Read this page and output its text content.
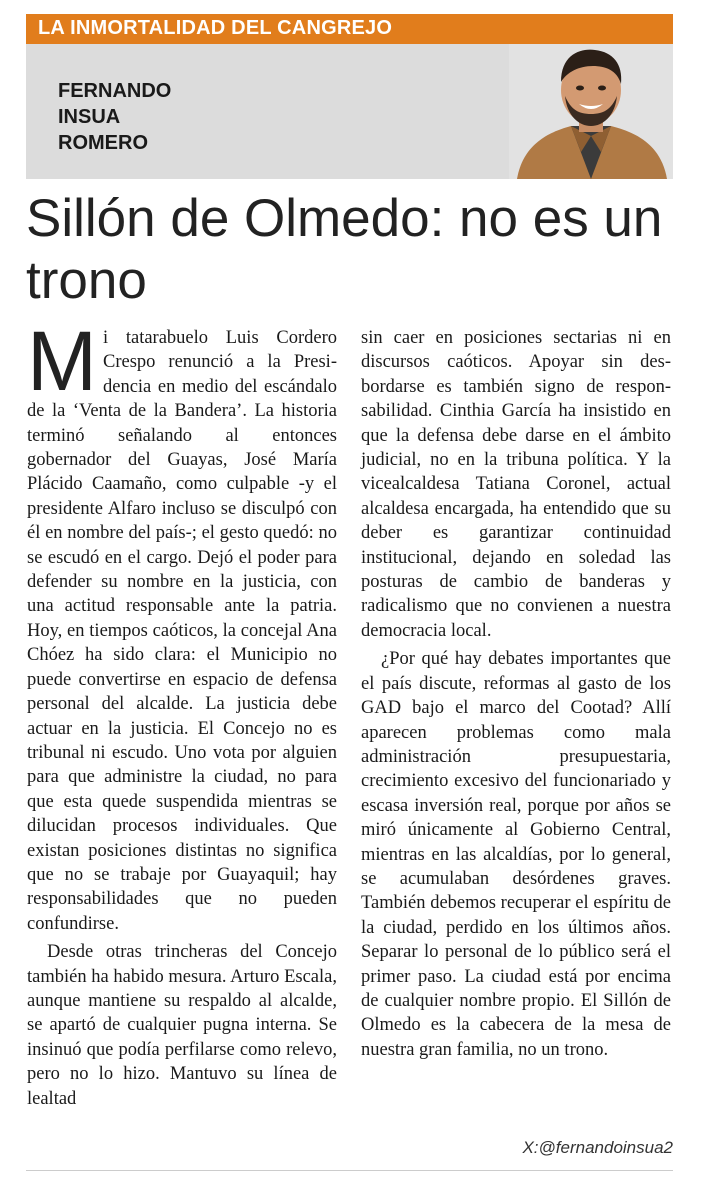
LA INMORTALIDAD DEL CANGREJO
FERNANDO
INSUA
ROMERO
Sillón de Olmedo: no es un trono

Mi tatarabuelo Luis Cordero Crespo renunció a la Presidencia en medio del escándalo de la ‘Venta de la Bandera’. La historia terminó señalando al entonces gobernador del Guayas, José María Plácido Caamaño, como culpable -y el presidente Alfaro incluso se disculpó con él en nombre del país-; el gesto quedó: no se escudó en el cargo. Dejó el poder para defender su nombre en la justicia, con una actitud responsable ante la patria. Hoy, en tiempos caóticos, la concejal Ana Chóez ha sido clara: el Municipio no puede convertirse en espacio de defensa personal del alcalde. La justicia debe actuar en la justicia. El Concejo no es tribunal ni escudo. Uno vota por alguien para que administre la ciudad, no para que esta quede suspendida mientras se dilucidan procesos individuales. Que existan posiciones distintas no significa que no se trabaje por Guayaquil; hay responsabilidades que no pueden confundirse.

Desde otras trincheras del Concejo también ha habido mesura. Arturo Escala, aunque mantiene su respaldo al alcalde, se apartó de cualquier pugna interna. Se insinuó que podía perfilarse como relevo, pero no lo hizo. Mantuvo su línea de lealtad

sin caer en posiciones sectarias ni en discursos caóticos. Apoyar sin desbordarse es también signo de responsabilidad. Cinthia García ha insistido en que la defensa debe darse en el ámbito judicial, no en la tribuna política. Y la vicealcaldesa Tatiana Coronel, actual alcaldesa encargada, ha entendido que su deber es garantizar continuidad institucional, dejando en soledad las posturas de cambio de banderas y radicalismo que no convienen a nuestra democracia local.

¿Por qué hay debates importantes que el país discute, reformas al gasto de los GAD bajo el marco del Cootad? Allí aparecen problemas como mala administración presupuestaria, crecimiento excesivo del funcionariado y escasa inversión real, porque por años se miró únicamente al Gobierno Central, mientras en las alcaldías, por lo general, se acumulaban desórdenes graves. También debemos recuperar el espíritu de la ciudad, perdido en los últimos años. Separar lo personal de lo público será el primer paso. La ciudad está por encima de cualquier nombre propio. El Sillón de Olmedo es la cabecera de la mesa de nuestra gran familia, no un trono.

X:@fernandoinsua2
